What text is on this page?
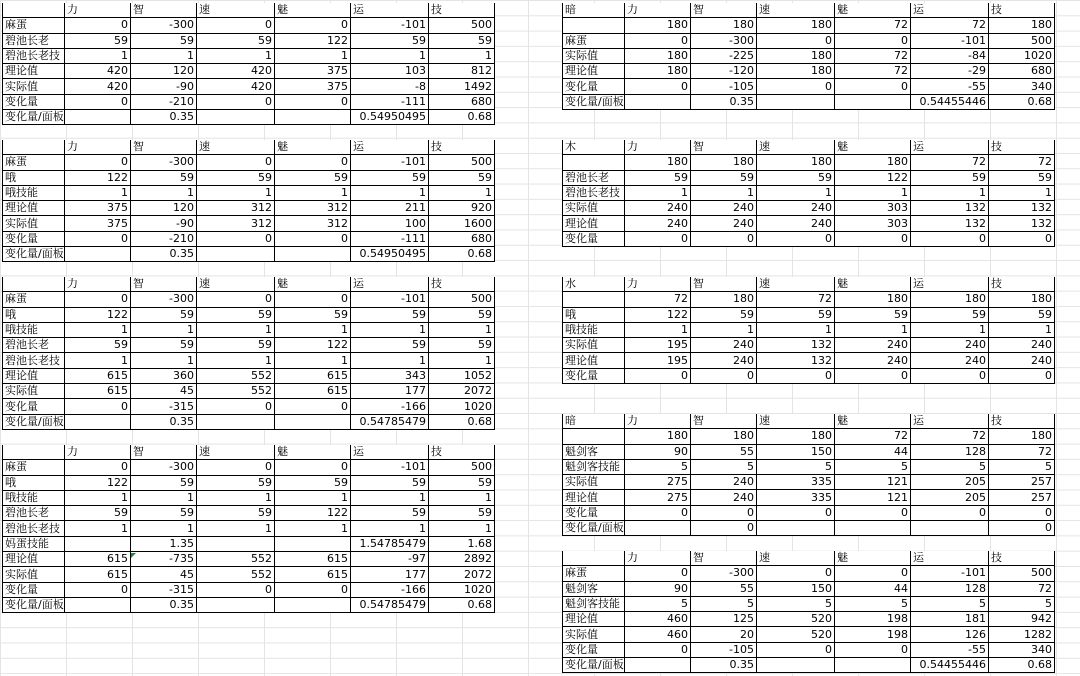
	力	智	速	魅	运	技
麻蛋	0	-300	0	0	-101	500
碧池长老	59	59	59	122	59	59
碧池长老技	1	1	1	1	1	1
理论值	420	120	420	375	103	812
实际值	420	-90	420	375	-8	1492
变化量	0	-210	0	0	-111	680
变化量/面板		0.35			0.54950495	0.68
	力	智	速	魅	运	技
麻蛋	0	-300	0	0	-101	500
哦	122	59	59	59	59	59
哦技能	1	1	1	1	1	1
理论值	375	120	312	312	211	920
实际值	375	-90	312	312	100	1600
变化量	0	-210	0	0	-111	680
变化量/面板		0.35			0.54950495	0.68
	力	智	速	魅	运	技
麻蛋	0	-300	0	0	-101	500
哦	122	59	59	59	59	59
哦技能	1	1	1	1	1	1
碧池长老	59	59	59	122	59	59
碧池长老技	1	1	1	1	1	1
理论值	615	360	552	615	343	1052
实际值	615	45	552	615	177	2072
变化量	0	-315	0	0	-166	1020
变化量/面板		0.35			0.54785479	0.68
	力	智	速	魅	运	技
麻蛋	0	-300	0	0	-101	500
哦	122	59	59	59	59	59
哦技能	1	1	1	1	1	1
碧池长老	59	59	59	122	59	59
碧池长老技	1	1	1	1	1	1
妈蛋技能		1.35			1.54785479	1.68
理论值	615	-735	552	615	-97	2892
实际值	615	45	552	615	177	2072
变化量	0	-315	0	0	-166	1020
变化量/面板		0.35			0.54785479	0.68
暗	力	智	速	魅	运	技
	180	180	180	72	72	180
麻蛋	0	-300	0	0	-101	500
实际值	180	-225	180	72	-84	1020
理论值	180	-120	180	72	-29	680
变化量	0	-105	0	0	-55	340
变化量/面板		0.35			0.54455446	0.68
木	力	智	速	魅	运	技
	180	180	180	180	72	72
碧池长老	59	59	59	122	59	59
碧池长老技	1	1	1	1	1	1
实际值	240	240	240	303	132	132
理论值	240	240	240	303	132	132
变化量	0	0	0	0	0	0
水	力	智	速	魅	运	技
	72	180	72	180	180	180
哦	122	59	59	59	59	59
哦技能	1	1	1	1	1	1
实际值	195	240	132	240	240	240
理论值	195	240	132	240	240	240
变化量	0	0	0	0	0	0
暗	力	智	速	魅	运	技
	180	180	180	72	72	180
魁剑客	90	55	150	44	128	72
魁剑客技能	5	5	5	5	5	5
实际值	275	240	335	121	205	257
理论值	275	240	335	121	205	257
变化量	0	0	0	0	0	0
变化量/面板		0				0
	力	智	速	魅	运	技
麻蛋	0	-300	0	0	-101	500
魁剑客	90	55	150	44	128	72
魁剑客技能	5	5	5	5	5	5
理论值	460	125	520	198	181	942
实际值	460	20	520	198	126	1282
变化量	0	-105	0	0	-55	340
变化量/面板		0.35			0.54455446	0.68
